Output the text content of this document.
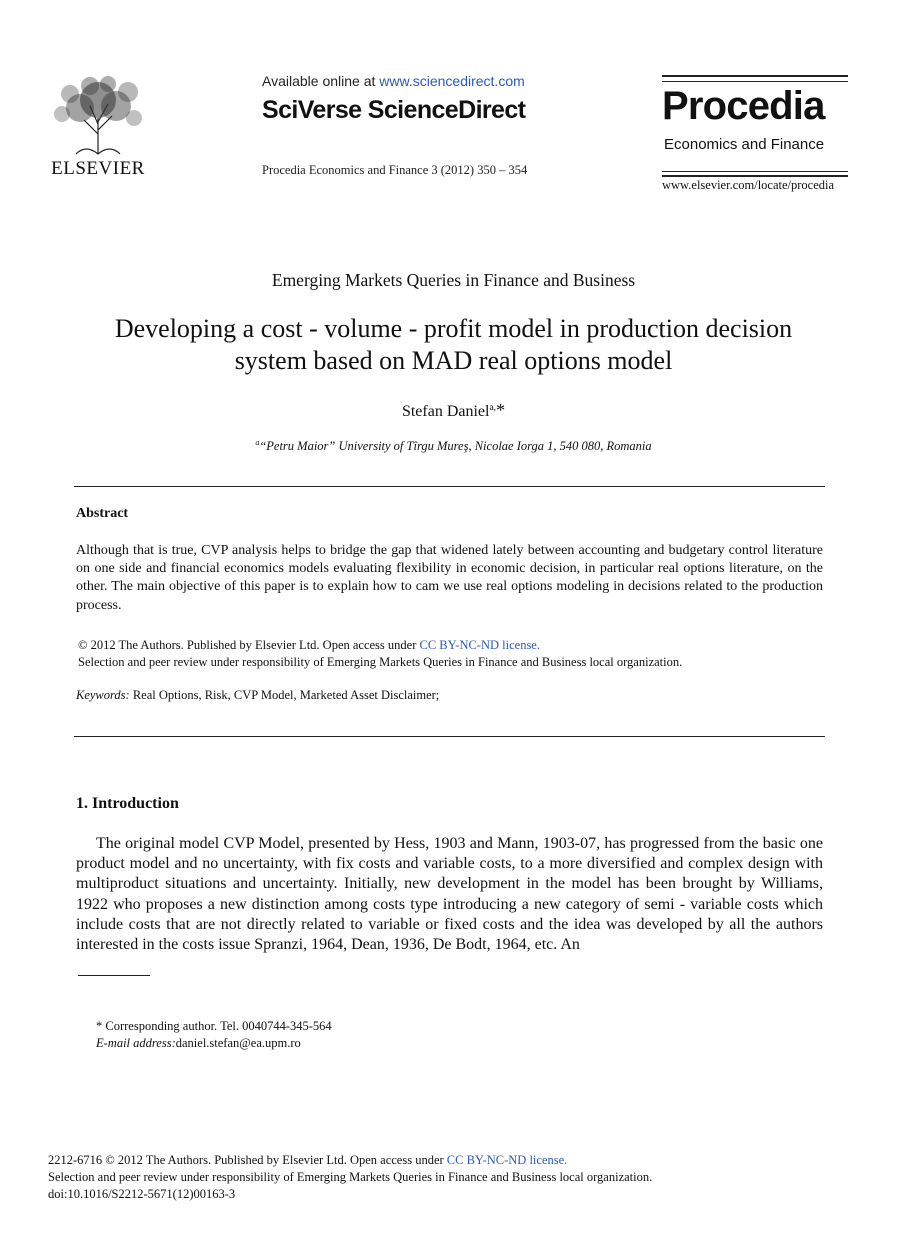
ELSEVIER
Available online at www.sciencedirect.com
SciVerse ScienceDirect
Procedia Economics and Finance 3 (2012) 350 – 354
Procedia
Economics and Finance
www.elsevier.com/locate/procedia
Emerging Markets Queries in Finance and Business
Developing a cost - volume - profit model in production decision
system based on MAD real options model
Stefan Daniel$^{a,}$*
$^a$“Petru Maior” University of Tîrgu Mureş, Nicolae Iorga 1, 540 080, Romania
Abstract
Although that is true, CVP analysis helps to bridge the gap that widened lately between accounting and budgetary control literature on one side and financial economics models evaluating flexibility in economic decision, in particular real options literature, on the other. The main objective of this paper is to explain how to cam we use real options modeling in decisions related to the production process.
© 2012 The Authors. Published by Elsevier Ltd. Open access under CC BY-NC-ND license.
Selection and peer review under responsibility of Emerging Markets Queries in Finance and Business local organization.
Keywords: Real Options, Risk, CVP Model, Marketed Asset Disclaimer;
1. Introduction
The original model CVP Model, presented by Hess, 1903 and Mann, 1903-07, has progressed from the basic one product model and no uncertainty, with fix costs and variable costs, to a more diversified and complex design with multiproduct situations and uncertainty. Initially, new development in the model has been brought by Williams, 1922 who proposes a new distinction among costs type introducing a new category of semi - variable costs which include costs that are not directly related to variable or fixed costs and the idea was developed by all the authors interested in the costs issue Spranzi, 1964, Dean, 1936, De Bodt, 1964, etc. An
* Corresponding author. Tel. 0040744-345-564
E-mail address:daniel.stefan@ea.upm.ro
2212-6716 © 2012 The Authors. Published by Elsevier Ltd. Open access under CC BY-NC-ND license.
Selection and peer review under responsibility of Emerging Markets Queries in Finance and Business local organization.
doi:10.1016/S2212-5671(12)00163-3
